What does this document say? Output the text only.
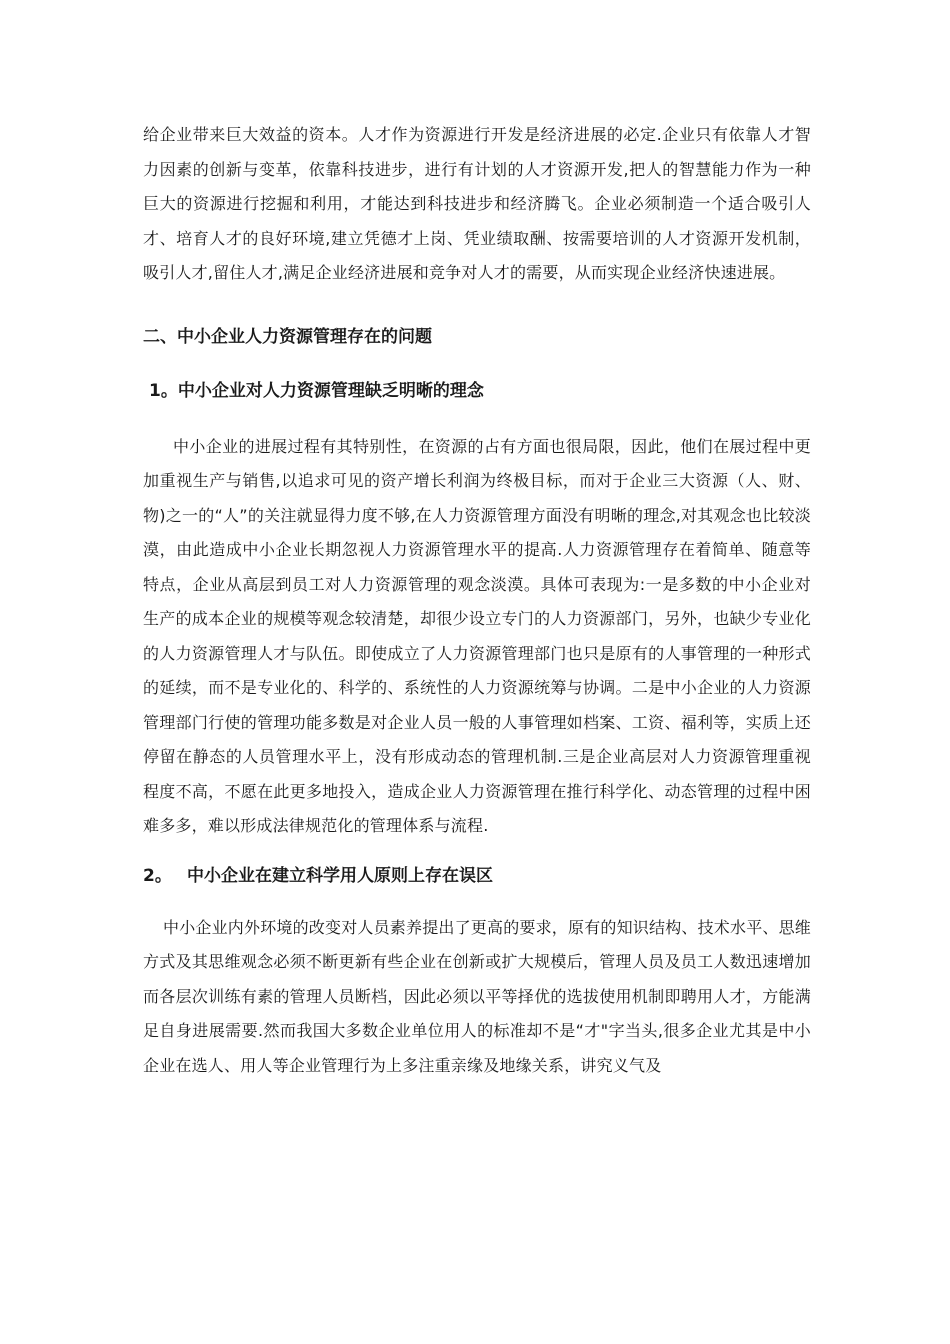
给企业带来巨大效益的资本。人才作为资源进行开发是经济进展的必定.企业只有依靠人才智力因素的创新与变革，依靠科技进步，进行有计划的人才资源开发,把人的智慧能力作为一种巨大的资源进行挖掘和利用，才能达到科技进步和经济腾飞。企业必须制造一个适合吸引人才、培育人才的良好环境,建立凭德才上岗、凭业绩取酬、按需要培训的人才资源开发机制，吸引人才,留住人才,满足企业经济进展和竞争对人才的需要，从而实现企业经济快速进展。

二、中小企业人力资源管理存在的问题
1。中小企业对人力资源管理缺乏明晰的理念

中小企业的进展过程有其特别性，在资源的占有方面也很局限，因此，他们在展过程中更加重视生产与销售,以追求可见的资产增长利润为终极目标，而对于企业三大资源（人、财、物)之一的“人”的关注就显得力度不够,在人力资源管理方面没有明晰的理念,对其观念也比较淡漠，由此造成中小企业长期忽视人力资源管理水平的提高.人力资源管理存在着简单、随意等特点，企业从高层到员工对人力资源管理的观念淡漠。具体可表现为:一是多数的中小企业对生产的成本企业的规模等观念较清楚，却很少设立专门的人力资源部门，另外，也缺少专业化的人力资源管理人才与队伍。即使成立了人力资源管理部门也只是原有的人事管理的一种形式的延续，而不是专业化的、科学的、系统性的人力资源统筹与协调。二是中小企业的人力资源管理部门行使的管理功能多数是对企业人员一般的人事管理如档案、工资、福利等，实质上还停留在静态的人员管理水平上，没有形成动态的管理机制.三是企业高层对人力资源管理重视程度不高，不愿在此更多地投入，造成企业人力资源管理在推行科学化、动态管理的过程中困难多多，难以形成法律规范化的管理体系与流程.

2。 中小企业在建立科学用人原则上存在误区

中小企业内外环境的改变对人员素养提出了更高的要求，原有的知识结构、技术水平、思维方式及其思维观念必须不断更新有些企业在创新或扩大规模后，管理人员及员工人数迅速增加而各层次训练有素的管理人员断档，因此必须以平等择优的选拔使用机制即聘用人才，方能满足自身进展需要.然而我国大多数企业单位用人的标准却不是“才"字当头,很多企业尤其是中小企业在选人、用人等企业管理行为上多注重亲缘及地缘关系，讲究义气及
